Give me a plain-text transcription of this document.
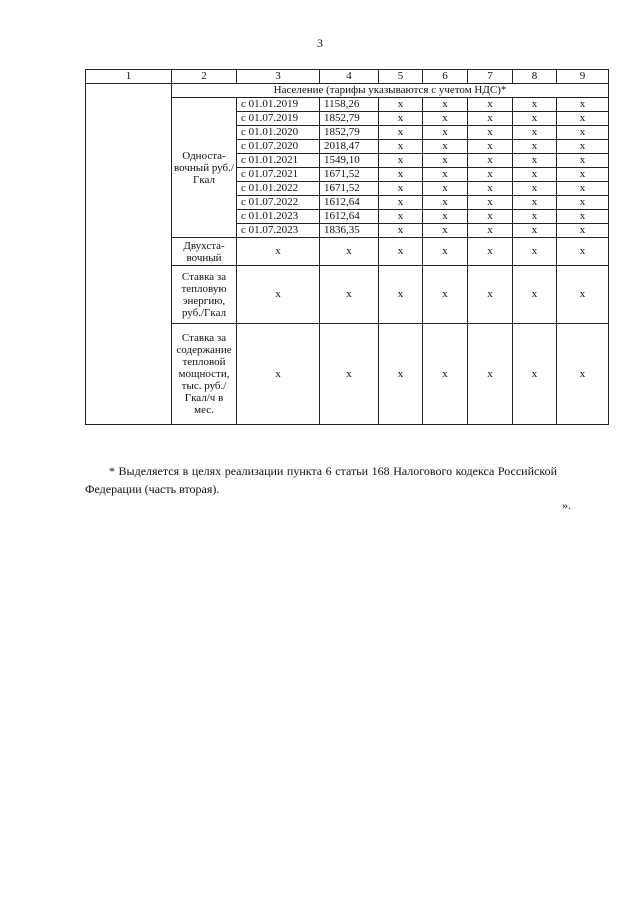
3
1	2	3	4	5	6	7	8	9
	Население (тарифы указываются с учетом НДС)*							
	Односта-вочный руб./Гкал	с 01.01.2019	1158,26	х	х	х	х	х
		с 01.07.2019	1852,79	х	х	х	х	х
		с 01.01.2020	1852,79	х	х	х	х	х
		с 01.07.2020	2018,47	х	х	х	х	х
		с 01.01.2021	1549,10	х	х	х	х	х
		с 01.07.2021	1671,52	х	х	х	х	х
		с 01.01.2022	1671,52	х	х	х	х	х
		с 01.07.2022	1612,64	х	х	х	х	х
		с 01.01.2023	1612,64	х	х	х	х	х
		с 01.07.2023	1836,35	х	х	х	х	х
	Двухста-вочный	х	х	х	х	х	х	х
	Ставка за тепловую энергию, руб./Гкал	х	х	х	х	х	х	х
	Ставка за содержание тепловой мощности, тыс. руб./ Гкал/ч в мес.	х	х	х	х	х	х	х
* Выделяется в целях реализации пункта 6 статьи 168 Налогового кодекса Российской Федерации (часть вторая).
».
